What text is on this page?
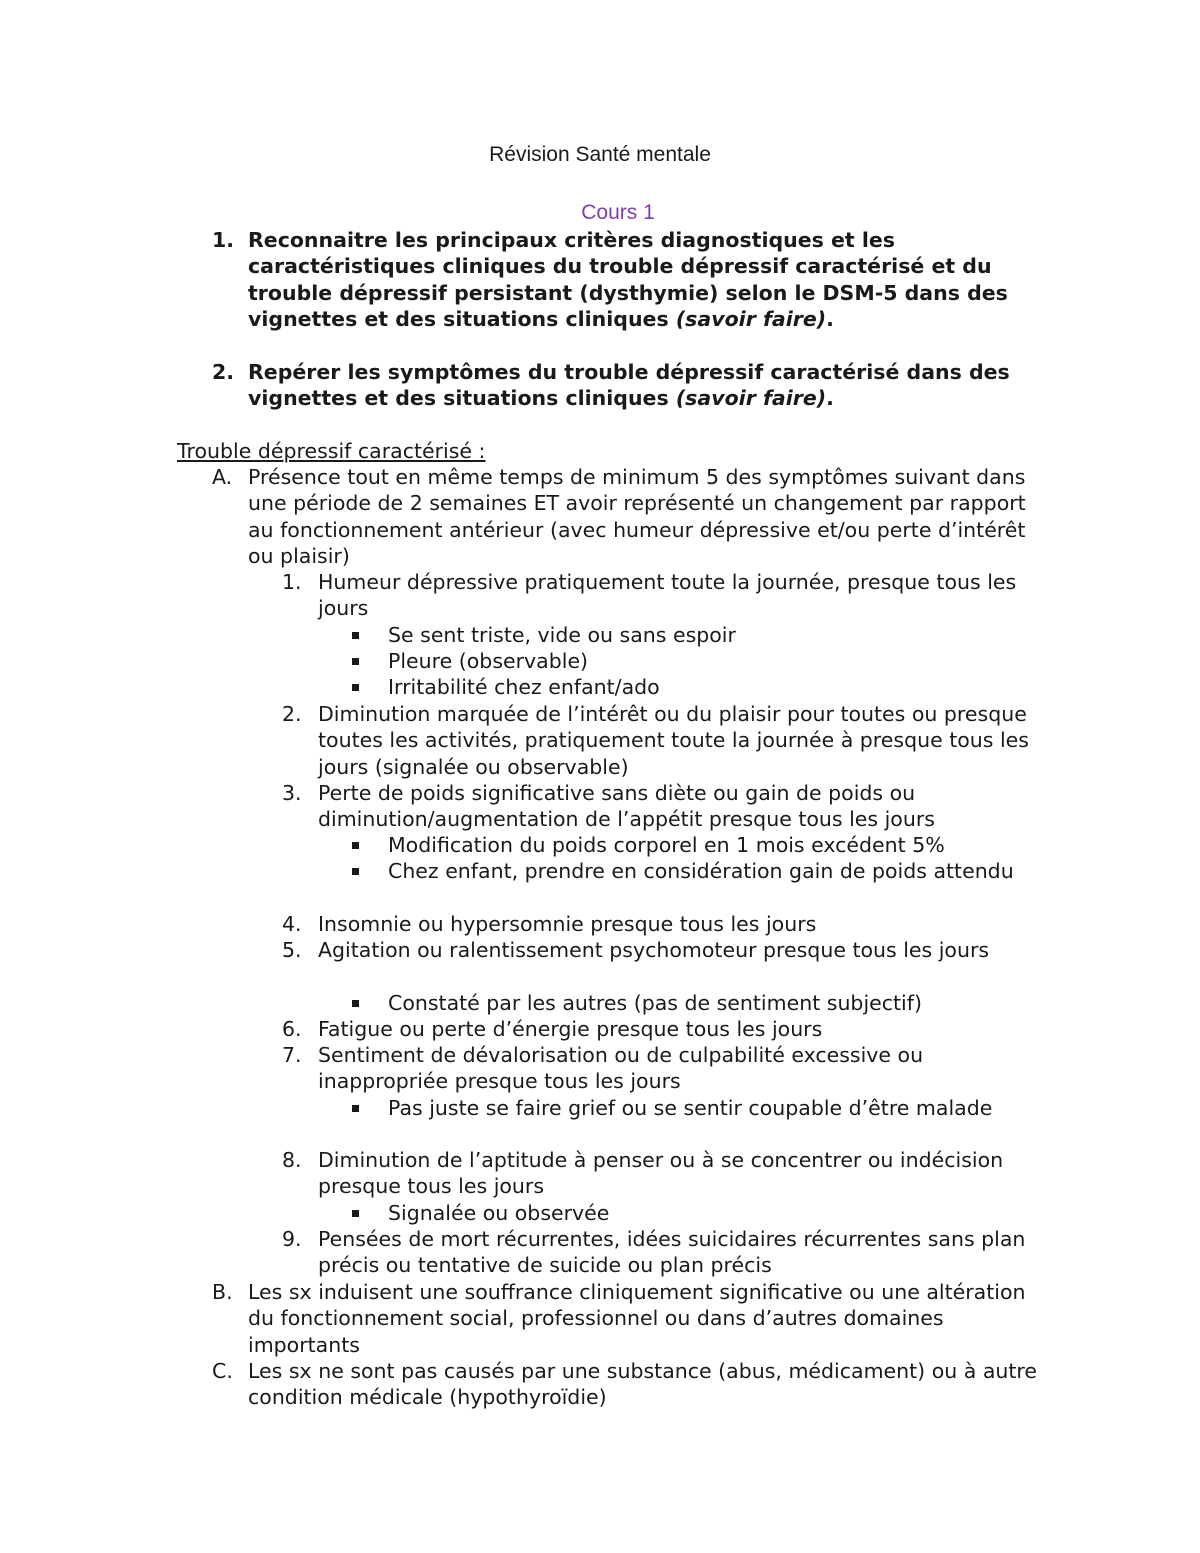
Révision Santé mentale
Cours 1
1. Reconnaitre les principaux critères diagnostiques et les caractéristiques cliniques du trouble dépressif caractérisé et du trouble dépressif persistant (dysthymie) selon le DSM-5 dans des vignettes et des situations cliniques (savoir faire).
2. Repérer les symptômes du trouble dépressif caractérisé dans des vignettes et des situations cliniques (savoir faire).
Trouble dépressif caractérisé :
A. Présence tout en même temps de minimum 5 des symptômes suivant dans une période de 2 semaines ET avoir représenté un changement par rapport au fonctionnement antérieur (avec humeur dépressive et/ou perte d’intérêt ou plaisir)
1. Humeur dépressive pratiquement toute la journée, presque tous les jours
Se sent triste, vide ou sans espoir
Pleure (observable)
Irritabilité chez enfant/ado
2. Diminution marquée de l’intérêt ou du plaisir pour toutes ou presque toutes les activités, pratiquement toute la journée à presque tous les jours (signalée ou observable)
3. Perte de poids significative sans diète ou gain de poids ou diminution/augmentation de l’appétit presque tous les jours
Modification du poids corporel en 1 mois excédent 5%
Chez enfant, prendre en considération gain de poids attendu
4. Insomnie ou hypersomnie presque tous les jours
5. Agitation ou ralentissement psychomoteur presque tous les jours
Constaté par les autres (pas de sentiment subjectif)
6. Fatigue ou perte d’énergie presque tous les jours
7. Sentiment de dévalorisation ou de culpabilité excessive ou inappropriée presque tous les jours
Pas juste se faire grief ou se sentir coupable d’être malade
8. Diminution de l’aptitude à penser ou à se concentrer ou indécision presque tous les jours
Signalée ou observée
9. Pensées de mort récurrentes, idées suicidaires récurrentes sans plan précis ou tentative de suicide ou plan précis
B. Les sx induisent une souffrance cliniquement significative ou une altération du fonctionnement social, professionnel ou dans d’autres domaines importants
C. Les sx ne sont pas causés par une substance (abus, médicament) ou à autre condition médicale (hypothyroïdie)
